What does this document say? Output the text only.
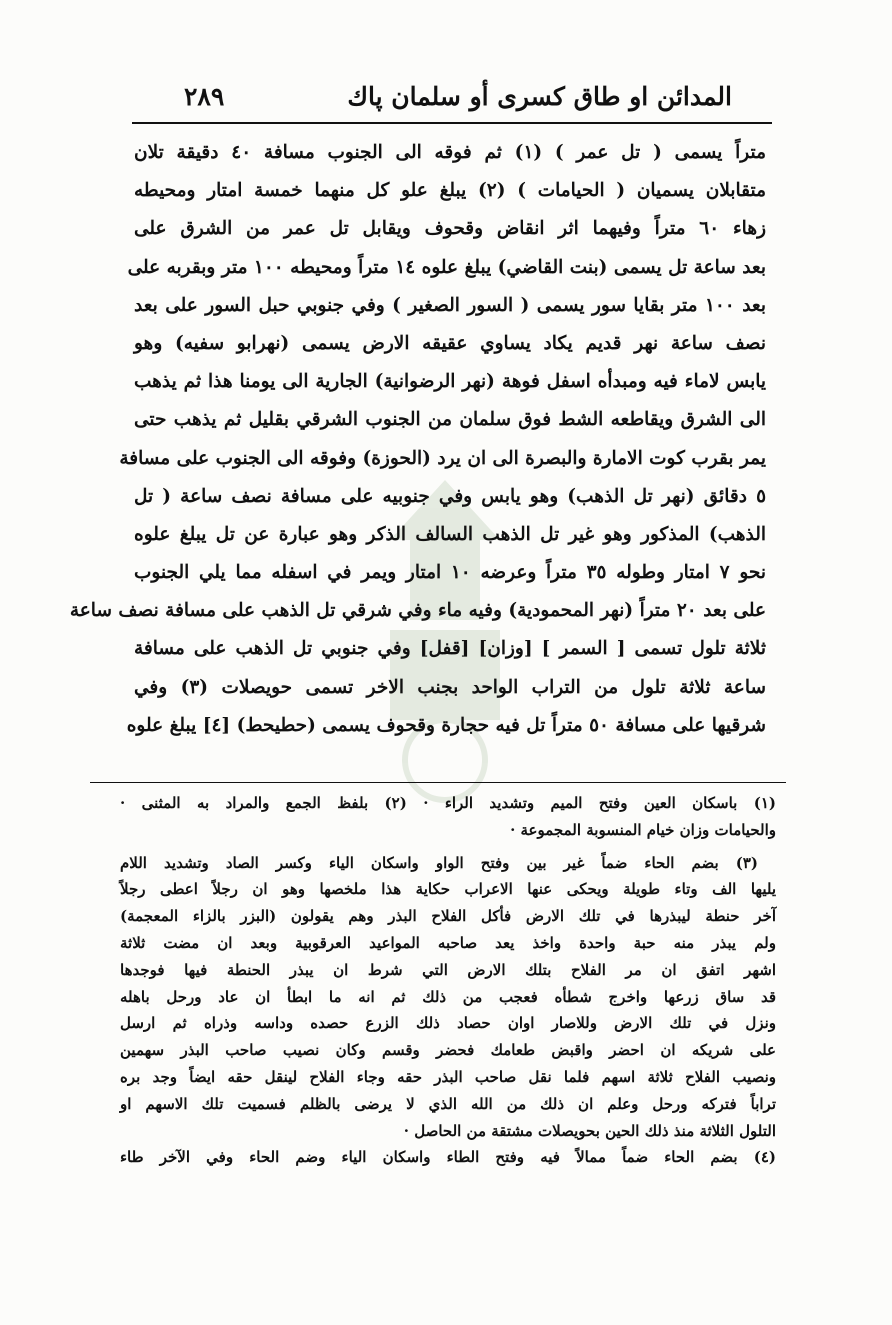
المدائن او طاق كسرى أو سلمان پاك
٢٨٩
متراً يسمى ( تل عمر ) (١) ثم فوقه الى الجنوب مسافة ٤٠ دقيقة تلان
متقابلان يسميان ( الحيامات ) (٢) يبلغ علو كل منهما خمسة امتار ومحيطه
زهاء ٦٠ متراً وفيهما اثر انقاض وقحوف ويقابل تل عمر من الشرق على
بعد ساعة تل يسمى (بنت القاضي) يبلغ علوه ١٤ متراً ومحيطه ١٠٠ متر وبقربه على
بعد ١٠٠ متر بقايا سور يسمى ( السور الصغير ) وفي جنوبي حبل السور على بعد
نصف ساعة نهر قديم يكاد يساوي عقيقه الارض يسمى (نهرابو سفيه) وهو
يابس لاماء فيه ومبدأه اسفل فوهة (نهر الرضوانية) الجارية الى يومنا هذا ثم يذهب
الى الشرق ويقاطعه الشط فوق سلمان من الجنوب الشرقي بقليل ثم يذهب حتى
يمر بقرب كوت الامارة والبصرة الى ان يرد (الحوزة) وفوقه الى الجنوب على مسافة
٥ دقائق (نهر تل الذهب) وهو يابس وفي جنوبيه على مسافة نصف ساعة ( تل
الذهب) المذكور وهو غير تل الذهب السالف الذكر وهو عبارة عن تل يبلغ علوه
نحو ٧ امتار وطوله ٣٥ متراً وعرضه ١٠ امتار ويمر في اسفله مما يلي الجنوب
على بعد ٢٠ متراً (نهر المحمودية) وفيه ماء وفي شرقي تل الذهب على مسافة نصف ساعة
ثلاثة تلول تسمى [ السمر ] [وزان] [قفل] وفي جنوبي تل الذهب على مسافة
ساعة ثلاثة تلول من التراب الواحد بجنب الاخر تسمى حويصلات (٣) وفي
شرقيها على مسافة ٥٠ متراً تل فيه حجارة وقحوف يسمى (حطيحط) [٤] يبلغ علوه
(١) باسكان العين وفتح الميم وتشديد الراء · (٢) بلفظ الجمع والمراد به المثنى ·
والحيامات وزان خيام المنسوبة المجموعة ·
(٣) بضم الحاء ضماً غير بين وفتح الواو واسكان الياء وكسر الصاد وتشديد اللام
يليها الف وتاء طويلة ويحكى عنها الاعراب حكاية هذا ملخصها وهو ان رجلاً اعطى رجلاً
آخر حنطة ليبذرها في تلك الارض فأكل الفلاح البذر وهم يقولون (البزر بالزاء المعجمة)
ولم يبذر منه حبة واحدة واخذ يعد صاحبه المواعيد العرقوبية وبعد ان مضت ثلاثة
اشهر اتفق ان مر الفلاح بتلك الارض التي شرط ان يبذر الحنطة فيها فوجدها
قد ساق زرعها واخرج شطأه فعجب من ذلك ثم انه ما ابطأ ان عاد ورحل باهله
ونزل في تلك الارض وللاصار اوان حصاد ذلك الزرع حصده وداسه وذراه ثم ارسل
على شريكه ان احضر واقبض طعامك فحضر وقسم وكان نصيب صاحب البذر سهمين
ونصيب الفلاح ثلاثة اسهم فلما نقل صاحب البذر حقه وجاء الفلاح لينقل حقه ايضاً وجد بره
تراباً فتركه ورحل وعلم ان ذلك من الله الذي لا يرضى بالظلم فسميت تلك الاسهم او
التلول الثلاثة منذ ذلك الحين بحويصلات مشتقة من الحاصل ·
(٤) بضم الحاء ضماً ممالاً فيه وفتح الطاء واسكان الياء وضم الحاء وفي الآخر طاء
